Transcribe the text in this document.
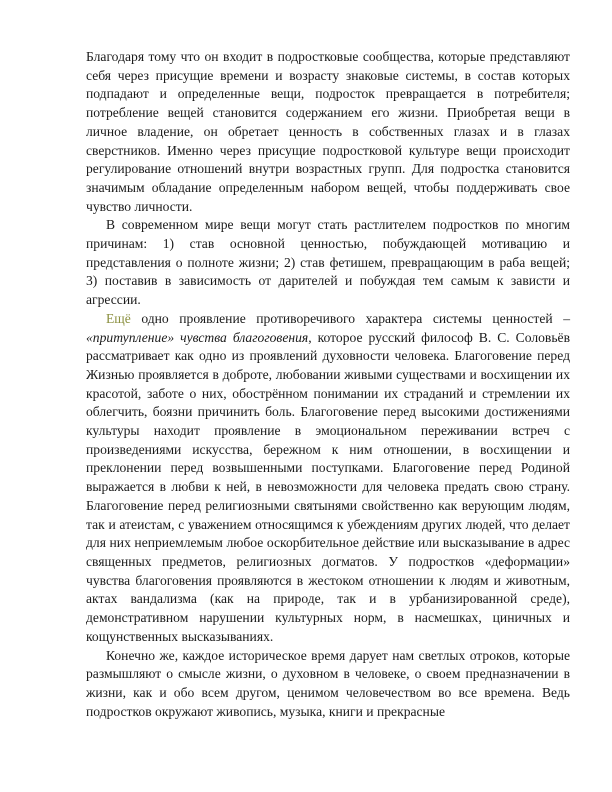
Благодаря тому что он входит в подростковые сообщества, которые представляют себя через присущие времени и возрасту знаковые системы, в состав которых подпадают и определенные вещи, подросток превращается в потребителя; потребление вещей становится содержанием его жизни. Приобретая вещи в личное владение, он обретает ценность в собственных глазах и в глазах сверстников. Именно через присущие подростковой культуре вещи происходит регулирование отношений внутри возрастных групп. Для подростка становится значимым обладание определенным набором вещей, чтобы поддерживать свое чувство личности.

В современном мире вещи могут стать растлителем подростков по многим причинам: 1) став основной ценностью, побуждающей мотивацию и представления о полноте жизни; 2) став фетишем, превращающим в раба вещей; 3) поставив в зависимость от дарителей и побуждая тем самым к зависти и агрессии.

Ещё одно проявление противоречивого характера системы ценностей – «притупление» чувства благоговения, которое русский философ В. С. Соловьёв рассматривает как одно из проявлений духовности человека. Благоговение перед Жизнью проявляется в доброте, любовании живыми существами и восхищении их красотой, заботе о них, обострённом понимании их страданий и стремлении их облегчить, боязни причинить боль. Благоговение перед высокими достижениями культуры находит проявление в эмоциональном переживании встреч с произведениями искусства, бережном к ним отношении, в восхищении и преклонении перед возвышенными поступками. Благоговение перед Родиной выражается в любви к ней, в невозможности для человека предать свою страну. Благоговение перед религиозными святынями свойственно как верующим людям, так и атеистам, с уважением относящимся к убеждениям других людей, что делает для них неприемлемым любое оскорбительное действие или высказывание в адрес священных предметов, религиозных догматов. У подростков «деформации» чувства благоговения проявляются в жестоком отношении к людям и животным, актах вандализма (как на природе, так и в урбанизированной среде), демонстративном нарушении культурных норм, в насмешках, циничных и кощунственных высказываниях.

Конечно же, каждое историческое время дарует нам светлых отроков, которые размышляют о смысле жизни, о духовном в человеке, о своем предназначении в жизни, как и обо всем другом, ценимом человечеством во все времена. Ведь подростков окружают живопись, музыка, книги и прекрасные
